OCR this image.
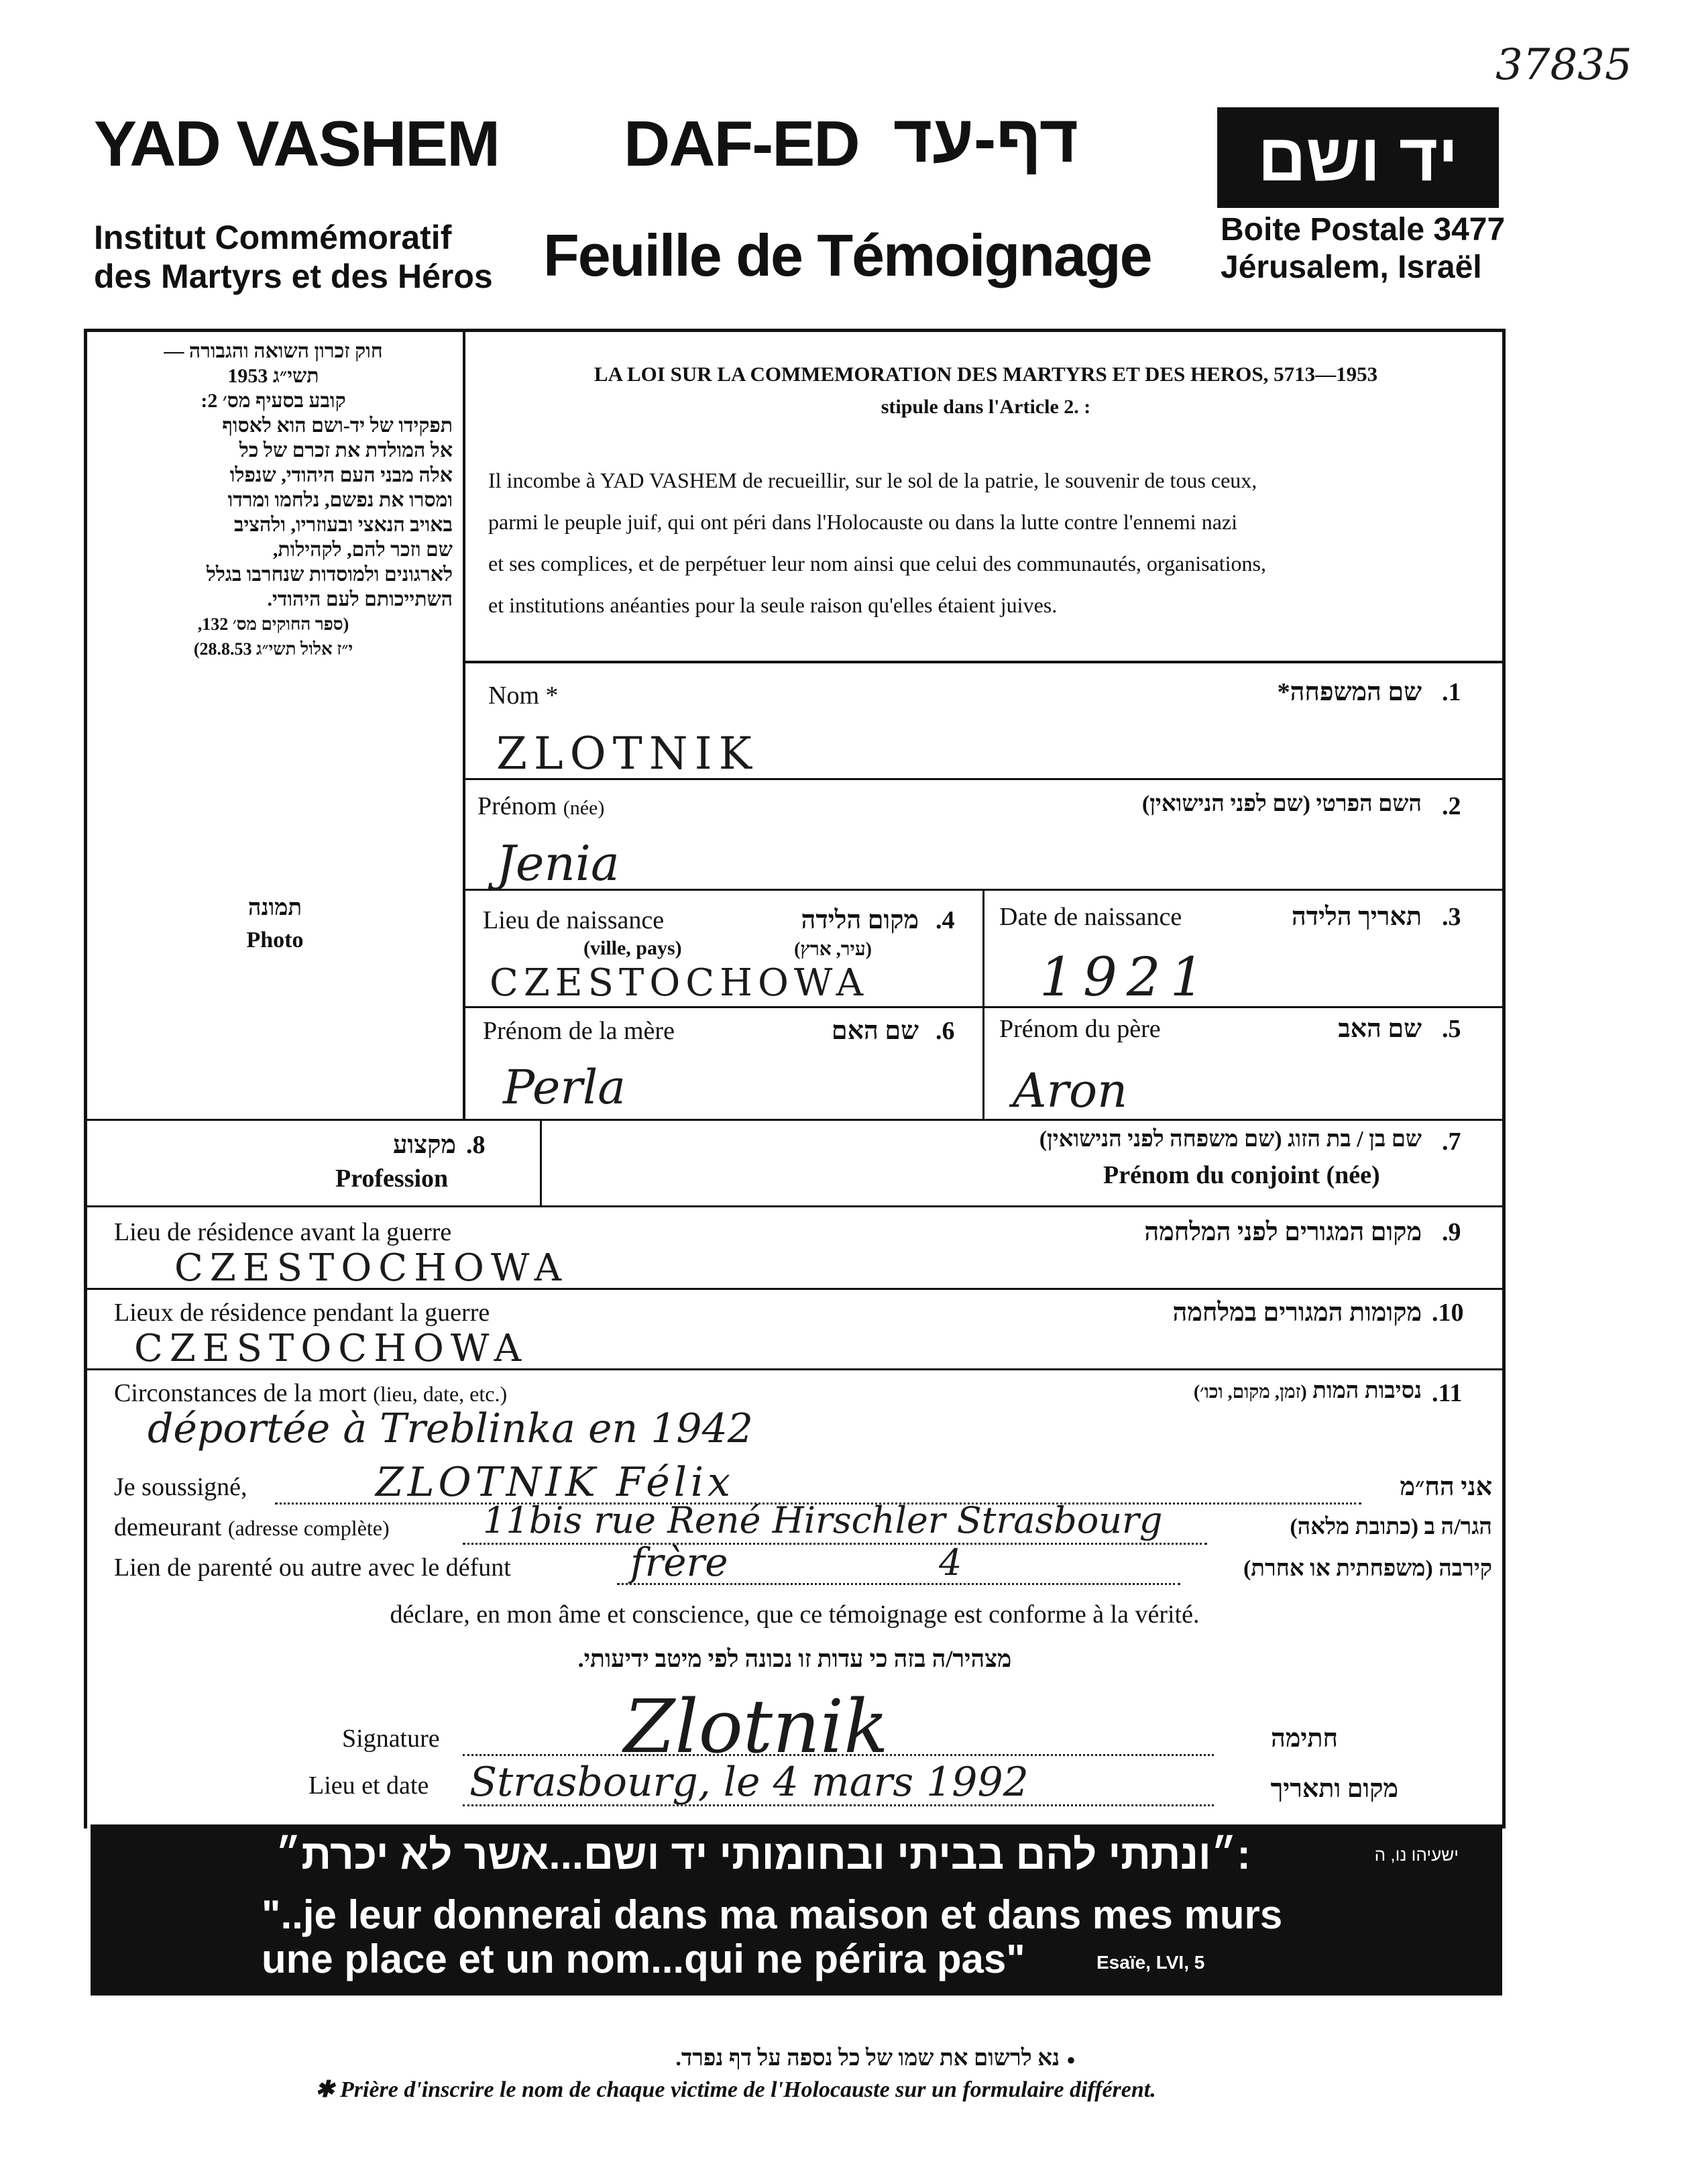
37835
YAD VASHEM DAF-ED דף-עד	יד ושם
Institut Commémoratif
des Martyrs et des Héros Feuille de Témoignage Boite Postale 3477
Jérusalem, Israël
חוק זכרון השואה והגבורה —
תשי״ג 1953
קובע בסעיף מס׳ 2:
תפקידו של יד-ושם הוא לאסוף
אל המולדת את זכרם של כל
אלה מבני העם היהודי, שנפלו
ומסרו את נפשם, נלחמו ומרדו
באויב הנאצי ובעוזריו, ולהציב
שם וזכר להם, לקהילות,
לארגונים ולמוסדות שנחרבו בגלל
השתייכותם לעם היהודי.
(ספר החוקים מס׳ 132,
י״ז אלול תשי״ג 28.8.53)
LA LOI SUR LA COMMEMORATION DES MARTYRS ET DES HEROS, 5713—1953
stipule dans l'Article 2. :
Il incombe à YAD VASHEM de recueillir, sur le sol de la patrie, le souvenir de tous ceux,
parmi le peuple juif, qui ont péri dans l'Holocauste ou dans la lutte contre l'ennemi nazi
et ses complices, et de perpétuer leur nom ainsi que celui des communautés, organisations,
et institutions anéanties pour la seule raison qu'elles étaient juives.
תמונה
Photo
Nom *	שם המשפחה* .1
ZLOTNIK
Prénom (née)	השם הפרטי (שם לפני הנישואין) .2
Jenia
Lieu de naissance
(ville, pays)
מקום הלידה
(עיר, ארץ)
.4
CZESTOCHOWA
Date de naissance	תאריך הלידה .3
1921
Prénom de la mère	שם האם .6
Perla
Prénom du père	שם האב .5
Aron
מקצוע .8
Profession
שם בן / בת הזוג (שם משפחה לפני הנישואין) .7
Prénom du conjoint (née)
Lieu de résidence avant la guerre	מקום המגורים לפני המלחמה .9
CZESTOCHOWA
Lieux de résidence pendant la guerre	מקומות המגורים במלחמה .10
CZESTOCHOWA
Circonstances de la mort (lieu, date, etc.)	נסיבות המות (זמן, מקום, וכו׳)	.11
déportée à Treblinka en 1942
Je soussigné,	ZLOTNIK Félix	אני הח״מ
demeurant (adresse complète)	11bis rue René Hirschler Strasbourg	הגר/ה ב (כתובת מלאה)
Lien de parenté ou autre avec le défunt	frère	4	קירבה (משפחתית או אחרת)
déclare, en mon âme et conscience, que ce témoignage est conforme à la vérité.
מצהיר/ה בזה כי עדות זו נכונה לפי מיטב ידיעותי.
Signature Zlotnik	חתימה
Lieu et date Strasbourg, le 4 mars 1992	מקום ותאריך
:״ונתתי להם בביתי ובחומותי יד ושם...אשר לא יכרת״	ישעיהו נו, ה
"..je leur donnerai dans ma maison et dans mes murs
une place et un nom...qui ne périra pas"	Esaïe, LVI, 5
נא לרשום את שמו של כל נספה על דף נפרד. •
✱ Prière d'inscrire le nom de chaque victime de l'Holocauste sur un formulaire différent.
